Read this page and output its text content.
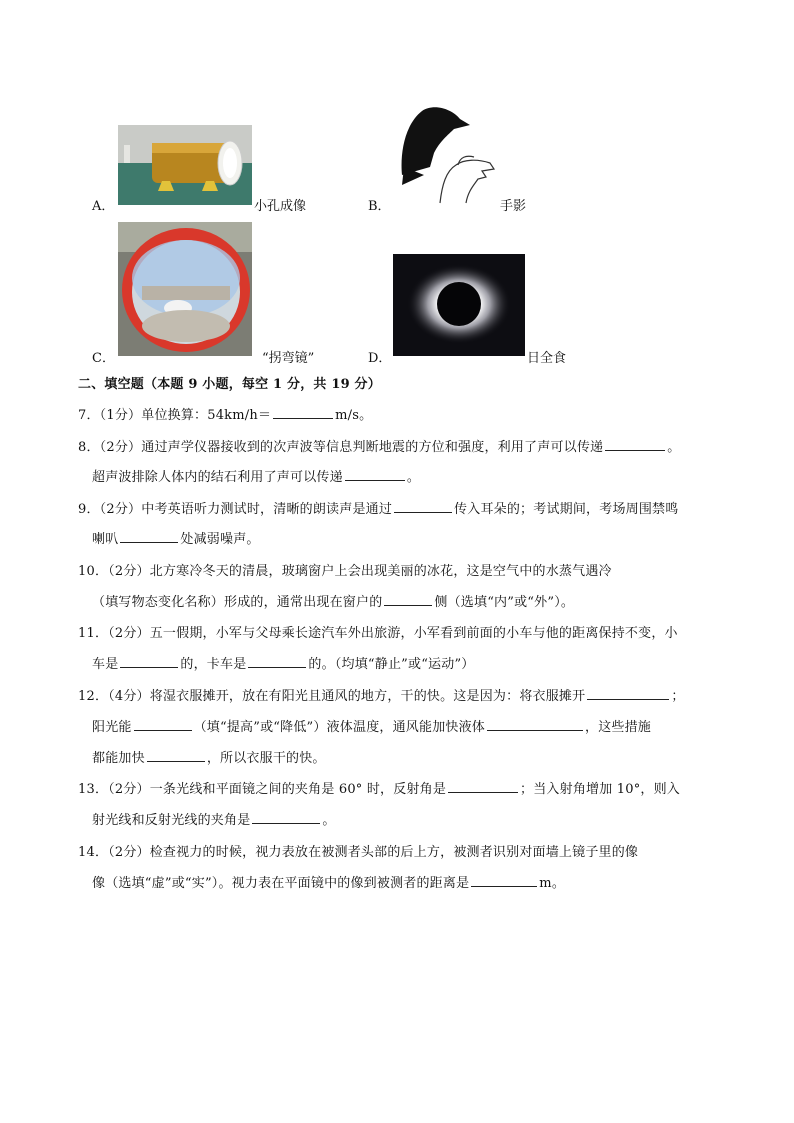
A．	小孔成像	B．	手影
C．	“拐弯镜”	D．	日全食
二、填空题（本题 9 小题，每空 1 分，共 19 分）
7．（1分）单位换算：54km/h＝	m/s。
8．（2分）通过声学仪器接收到的次声波等信息判断地震的方位和强度，利用了声可以传递	。
超声波排除人体内的结石利用了声可以传递	。
9．（2分）中考英语听力测试时，清晰的朗读声是通过	传入耳朵的；考试期间，考场周围禁鸣
喇叭	处减弱噪声。
10．（2分）北方寒冷冬天的清晨，玻璃窗户上会出现美丽的冰花，这是空气中的水蒸气遇冷
（填写物态变化名称）形成的，通常出现在窗户的	侧（选填“内”或“外”）。
11．（2分）五一假期，小军与父母乘长途汽车外出旅游，小军看到前面的小车与他的距离保持不变，小
车是	的，卡车是	的。（均填“静止”或“运动”）
12．（4分）将湿衣服摊开，放在有阳光且通风的地方，干的快。这是因为：将衣服摊开	；
阳光能	（填“提高”或“降低”）液体温度，通风能加快液体	，这些措施
都能加快	，所以衣服干的快。
13．（2分）一条光线和平面镜之间的夹角是 60° 时，反射角是	；当入射角增加 10°，则入
射光线和反射光线的夹角是	。
14．（2分）检查视力的时候，视力表放在被测者头部的后上方，被测者识别对面墙上镜子里的像
像（选填“虚”或“实”）。视力表在平面镜中的像到被测者的距离是	m。
